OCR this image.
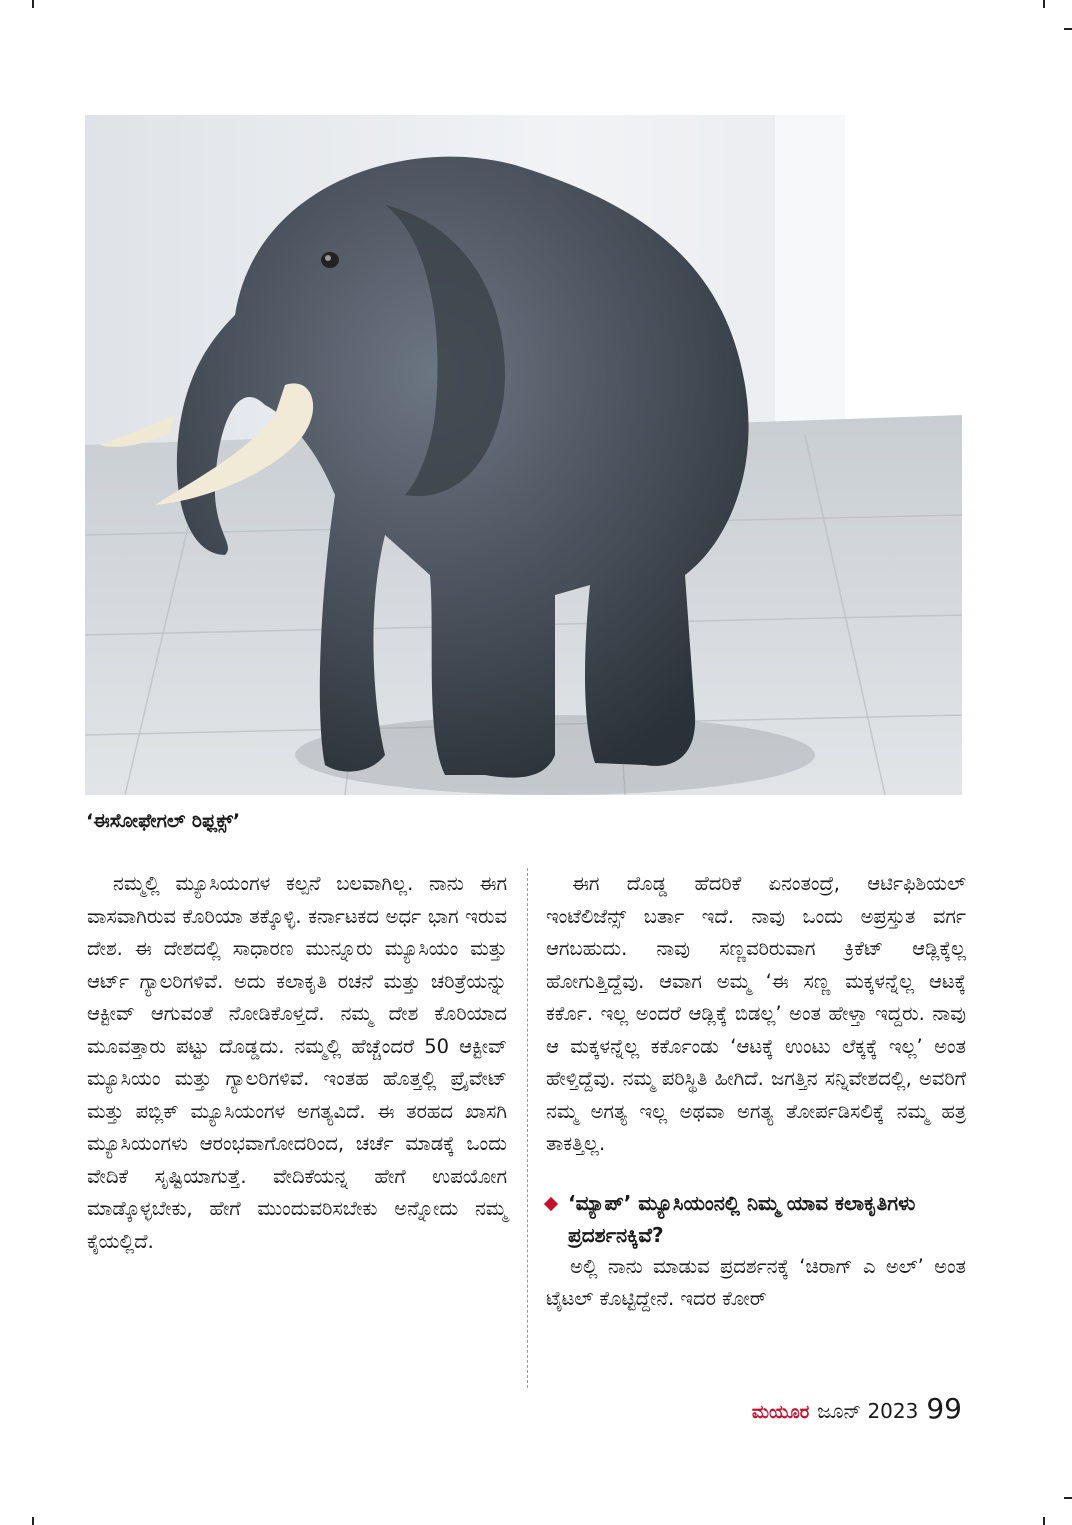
‘ಈಸೋಫೇಗಲ್ ರಿಫ್ಲಕ್ಸ್’

ನಮ್ಮಲ್ಲಿ ಮ್ಯೂಸಿಯಂಗಳ ಕಲ್ಪನೆ ಬಲವಾಗಿಲ್ಲ. ನಾನು ಈಗ ವಾಸವಾಗಿರುವ ಕೊರಿಯಾ ತಕ್ಕೊಳ್ಳಿ. ಕರ್ನಾಟಕದ ಅರ್ಧ ಭಾಗ ಇರುವ ದೇಶ. ಈ ದೇಶದಲ್ಲಿ ಸಾಧಾರಣ ಮುನ್ನೂರು ಮ್ಯೂಸಿಯಂ ಮತ್ತು ಆರ್ಟ್ ಗ್ಯಾಲರಿಗಳಿವೆ. ಅದು ಕಲಾಕೃತಿ ರಚನೆ ಮತ್ತು ಚರಿತ್ರೆಯನ್ನು ಆಕ್ಟೀವ್ ಆಗುವಂತೆ ನೋಡಿಕೊಳ್ತದೆ. ನಮ್ಮ ದೇಶ ಕೊರಿಯಾದ ಮೂವತ್ತಾರು ಪಟ್ಟು ದೊಡ್ಡದು. ನಮ್ಮಲ್ಲಿ ಹೆಚ್ಚೆಂದರೆ 50 ಆಕ್ಟೀವ್ ಮ್ಯೂಸಿಯಂ ಮತ್ತು ಗ್ಯಾಲರಿಗಳಿವೆ. ಇಂತಹ ಹೊತ್ತಲ್ಲಿ ಪ್ರೈವೇಟ್ ಮತ್ತು ಪಬ್ಲಿಕ್ ಮ್ಯೂಸಿಯಂಗಳ ಅಗತ್ಯವಿದೆ. ಈ ತರಹದ ಖಾಸಗಿ ಮ್ಯೂಸಿಯಂಗಳು ಆರಂಭವಾಗೋದರಿಂದ, ಚರ್ಚೆ ಮಾಡಕ್ಕೆ ಒಂದು ವೇದಿಕೆ ಸೃಷ್ಟಿಯಾಗುತ್ತೆ. ವೇದಿಕೆಯನ್ನ ಹೇಗೆ ಉಪಯೋಗ ಮಾಡ್ಕೊಳ್ಳಬೇಕು, ಹೇಗೆ ಮುಂದುವರಿಸಬೇಕು ಅನ್ನೋದು ನಮ್ಮ ಕೈಯಲ್ಲಿದೆ.

ಈಗ ದೊಡ್ಡ ಹೆದರಿಕೆ ಏನಂತಂದ್ರೆ, ಆರ್ಟಿಫಿಶಿಯಲ್ ಇಂಟೆಲಿಜೆನ್ಸ್ ಬರ್ತಾ ಇದೆ. ನಾವು ಒಂದು ಅಪ್ರಸ್ತುತ ವರ್ಗ ಆಗಬಹುದು. ನಾವು ಸಣ್ಣವರಿರುವಾಗ ಕ್ರಿಕೆಟ್ ಆಡ್ಲಿಕ್ಕೆಲ್ಲ ಹೋಗುತ್ತಿದ್ದೆವು. ಆವಾಗ ಅಮ್ಮ ‘ಈ ಸಣ್ಣ ಮಕ್ಕಳನ್ನೆಲ್ಲ ಆಟಕ್ಕೆ ಕರ್ಕೊ. ಇಲ್ಲ ಅಂದರೆ ಆಡ್ಲಿಕ್ಕೆ ಬಿಡಲ್ಲ’ ಅಂತ ಹೇಳ್ತಾ ಇದ್ದರು. ನಾವು ಆ ಮಕ್ಕಳನ್ನೆಲ್ಲ ಕರ್ಕೊಂಡು ‘ಆಟಕ್ಕೆ ಉಂಟು ಲೆಕ್ಕಕ್ಕೆ ಇಲ್ಲ’ ಅಂತ ಹೇಳ್ತಿದ್ದೆವು. ನಮ್ಮ ಪರಿಸ್ಥಿತಿ ಹೀಗಿದೆ. ಜಗತ್ತಿನ ಸನ್ನಿವೇಶದಲ್ಲಿ, ಅವರಿಗೆ ನಮ್ಮ ಅಗತ್ಯ ಇಲ್ಲ ಅಥವಾ ಅಗತ್ಯ ತೋರ್ಪಡಿಸಲಿಕ್ಕೆ ನಮ್ಮ ಹತ್ರ ತಾಕತ್ತಿಲ್ಲ.

‘ಮ್ಯಾಪ್’ ಮ್ಯೂಸಿಯಂನಲ್ಲಿ ನಿಮ್ಮ ಯಾವ ಕಲಾಕೃತಿಗಳು ಪ್ರದರ್ಶನಕ್ಕಿವೆ?

ಅಲ್ಲಿ ನಾನು ಮಾಡುವ ಪ್ರದರ್ಶನಕ್ಕೆ ‘ಚಿರಾಗ್ ಎ ಅಲ್’ ಅಂತ ಟೈಟಲ್ ಕೊಟ್ಟಿದ್ದೇನೆ. ಇದರ ಕೋರ್

ಮಯೂರ ಜೂನ್ 2023 99
